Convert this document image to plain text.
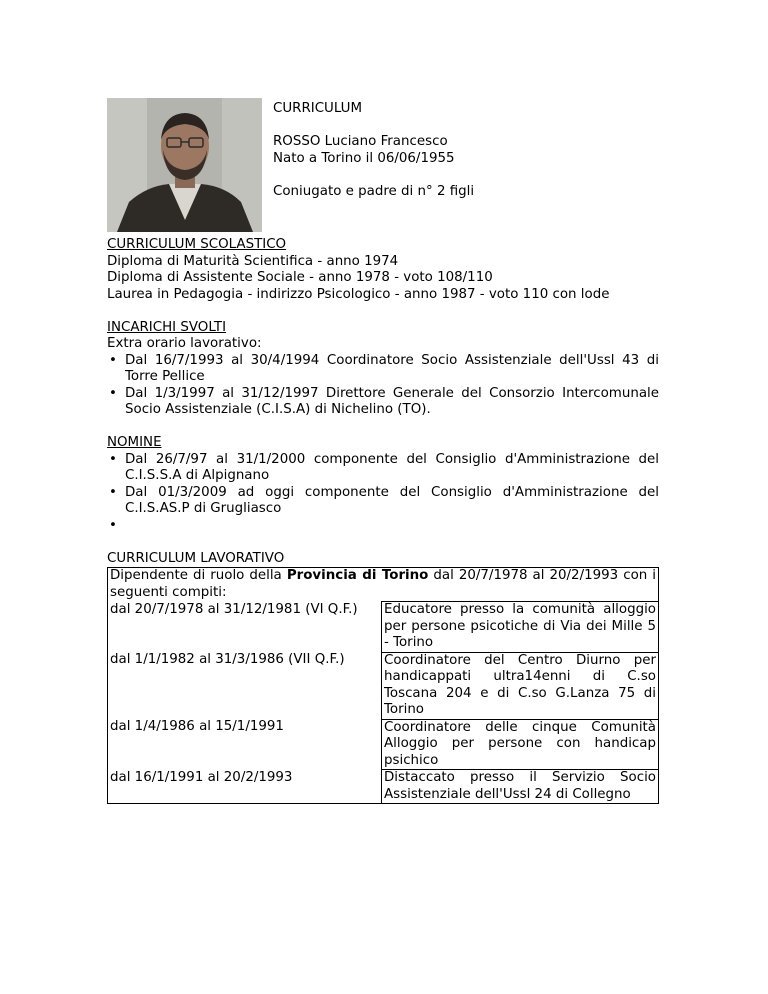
CURRICULUM
ROSSO Luciano Francesco
Nato a Torino il 06/06/1955
Coniugato e padre di n° 2 figli
CURRICULUM SCOLASTICO
Diploma di Maturità Scientifica - anno 1974
Diploma di Assistente Sociale - anno 1978 - voto 108/110
Laurea in Pedagogia - indirizzo Psicologico - anno 1987 - voto 110 con lode
INCARICHI SVOLTI
Extra orario lavorativo:
• Dal 16/7/1993 al 30/4/1994 Coordinatore Socio Assistenziale dell'Ussl 43 di Torre Pellice
• Dal 1/3/1997 al 31/12/1997 Direttore Generale del Consorzio Intercomunale Socio Assistenziale (C.I.S.A) di Nichelino (TO).
NOMINE
• Dal 26/7/97 al 31/1/2000 componente del Consiglio d'Amministrazione del C.I.S.S.A di Alpignano
• Dal 01/3/2009 ad oggi componente del Consiglio d'Amministrazione del C.I.S.AS.P di Grugliasco
•
CURRICULUM LAVORATIVO
Dipendente di ruolo della Provincia di Torino dal 20/7/1978 al 20/2/1993 con i seguenti compiti:	
dal 20/7/1978 al 31/12/1981 (VI Q.F.)	Educatore presso la comunità alloggio per persone psicotiche di Via dei Mille 5 - Torino
dal 1/1/1982 al 31/3/1986 (VII Q.F.)	Coordinatore del Centro Diurno per handicappati ultra14enni di C.so Toscana 204 e di C.so G.Lanza 75 di Torino
dal 1/4/1986 al 15/1/1991	Coordinatore delle cinque Comunità Alloggio per persone con handicap psichico
dal 16/1/1991 al 20/2/1993	Distaccato presso il Servizio Socio Assistenziale dell'Ussl 24 di Collegno
